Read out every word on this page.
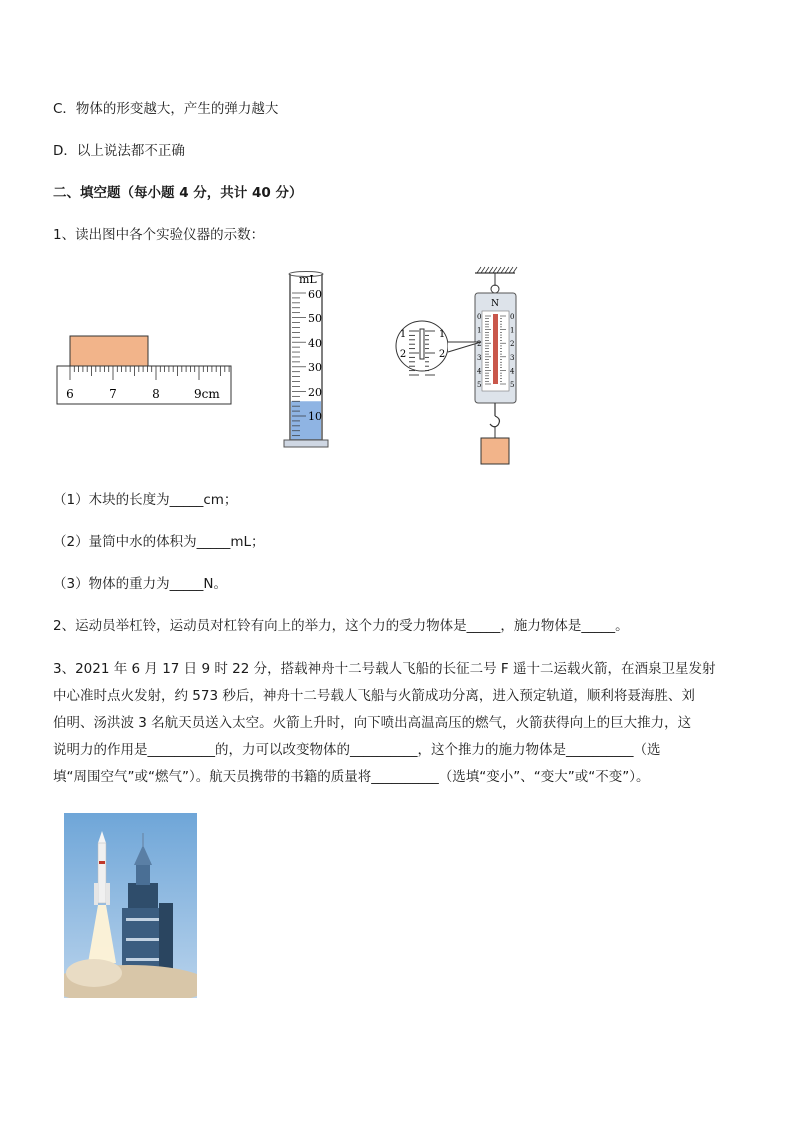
C．物体的形变越大，产生的弹力越大
D．以上说法都不正确
二、填空题（每小题 4 分，共计 40 分）
1、读出图中各个实验仪器的示数：
6	7	8	9cm
mL
60
50
40
30
20
10
N
0
1
2
3
4
5
0
1
2
3
4
5
1
2
1
2
（1）木块的长度为_____cm；
（2）量筒中水的体积为_____mL；
（3）物体的重力为_____N。
2、运动员举杠铃，运动员对杠铃有向上的举力，这个力的受力物体是_____，施力物体是_____。
3、2021 年 6 月 17 日 9 时 22 分，搭载神舟十二号载人飞船的长征二号 F 遥十二运载火箭，在酒泉卫星发射
中心准时点火发射，约 573 秒后，神舟十二号载人飞船与火箭成功分离，进入预定轨道，顺利将聂海胜、刘
伯明、汤洪波 3 名航天员送入太空。火箭上升时，向下喷出高温高压的燃气，火箭获得向上的巨大推力，这
说明力的作用是__________的，力可以改变物体的__________，这个推力的施力物体是__________（选
填“周围空气”或“燃气”）。航天员携带的书籍的质量将__________（选填“变小”、“变大”或“不变”）。
